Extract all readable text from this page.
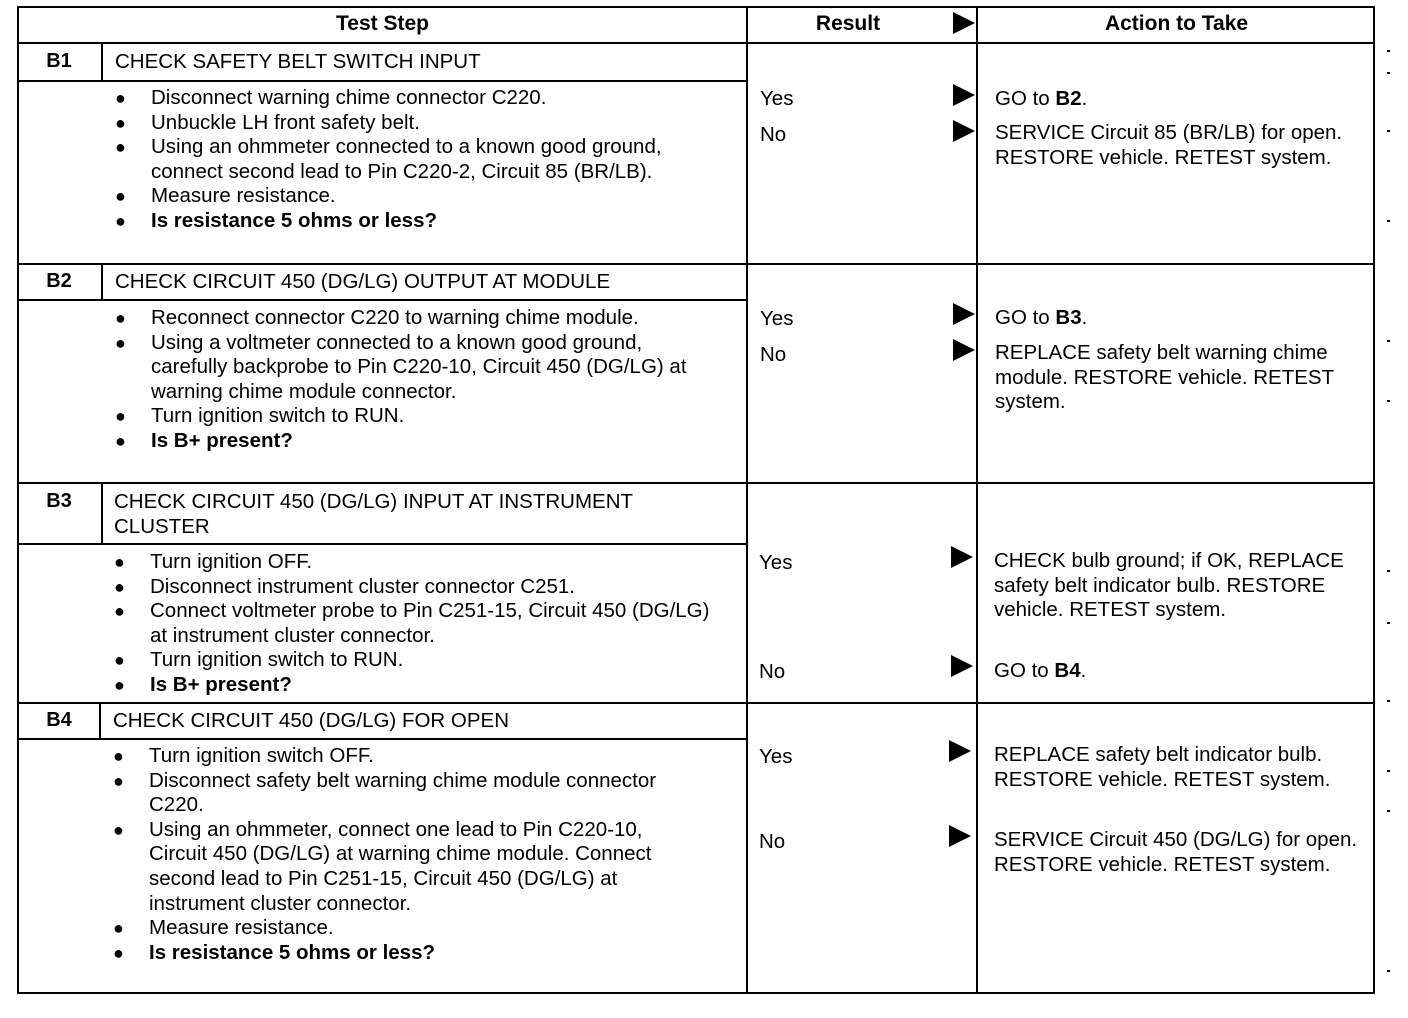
Test Step	Result	Action to Take
B1	CHECK SAFETY BELT SWITCH INPUT
● Disconnect warning chime connector C220.
● Unbuckle LH front safety belt.
● Using an ohmmeter connected to a known good ground, connect second lead to Pin C220-2, Circuit 85 (BR/LB).
● Measure resistance.
● Is resistance 5 ohms or less?
Yes	GO to B2.
No	SERVICE Circuit 85 (BR/LB) for open. RESTORE vehicle. RETEST system.
B2	CHECK CIRCUIT 450 (DG/LG) OUTPUT AT MODULE
● Reconnect connector C220 to warning chime module.
● Using a voltmeter connected to a known good ground, carefully backprobe to Pin C220-10, Circuit 450 (DG/LG) at warning chime module connector.
● Turn ignition switch to RUN.
● Is B+ present?
Yes	GO to B3.
No	REPLACE safety belt warning chime module. RESTORE vehicle. RETEST system.
B3	CHECK CIRCUIT 450 (DG/LG) INPUT AT INSTRUMENT CLUSTER
● Turn ignition OFF.
● Disconnect instrument cluster connector C251.
● Connect voltmeter probe to Pin C251-15, Circuit 450 (DG/LG) at instrument cluster connector.
● Turn ignition switch to RUN.
● Is B+ present?
Yes	CHECK bulb ground; if OK, REPLACE safety belt indicator bulb. RESTORE vehicle. RETEST system.
No	GO to B4.
B4	CHECK CIRCUIT 450 (DG/LG) FOR OPEN
● Turn ignition switch OFF.
● Disconnect safety belt warning chime module connector C220.
● Using an ohmmeter, connect one lead to Pin C220-10, Circuit 450 (DG/LG) at warning chime module. Connect second lead to Pin C251-15, Circuit 450 (DG/LG) at instrument cluster connector.
● Measure resistance.
● Is resistance 5 ohms or less?
Yes	REPLACE safety belt indicator bulb. RESTORE vehicle. RETEST system.
No	SERVICE Circuit 450 (DG/LG) for open. RESTORE vehicle. RETEST system.
